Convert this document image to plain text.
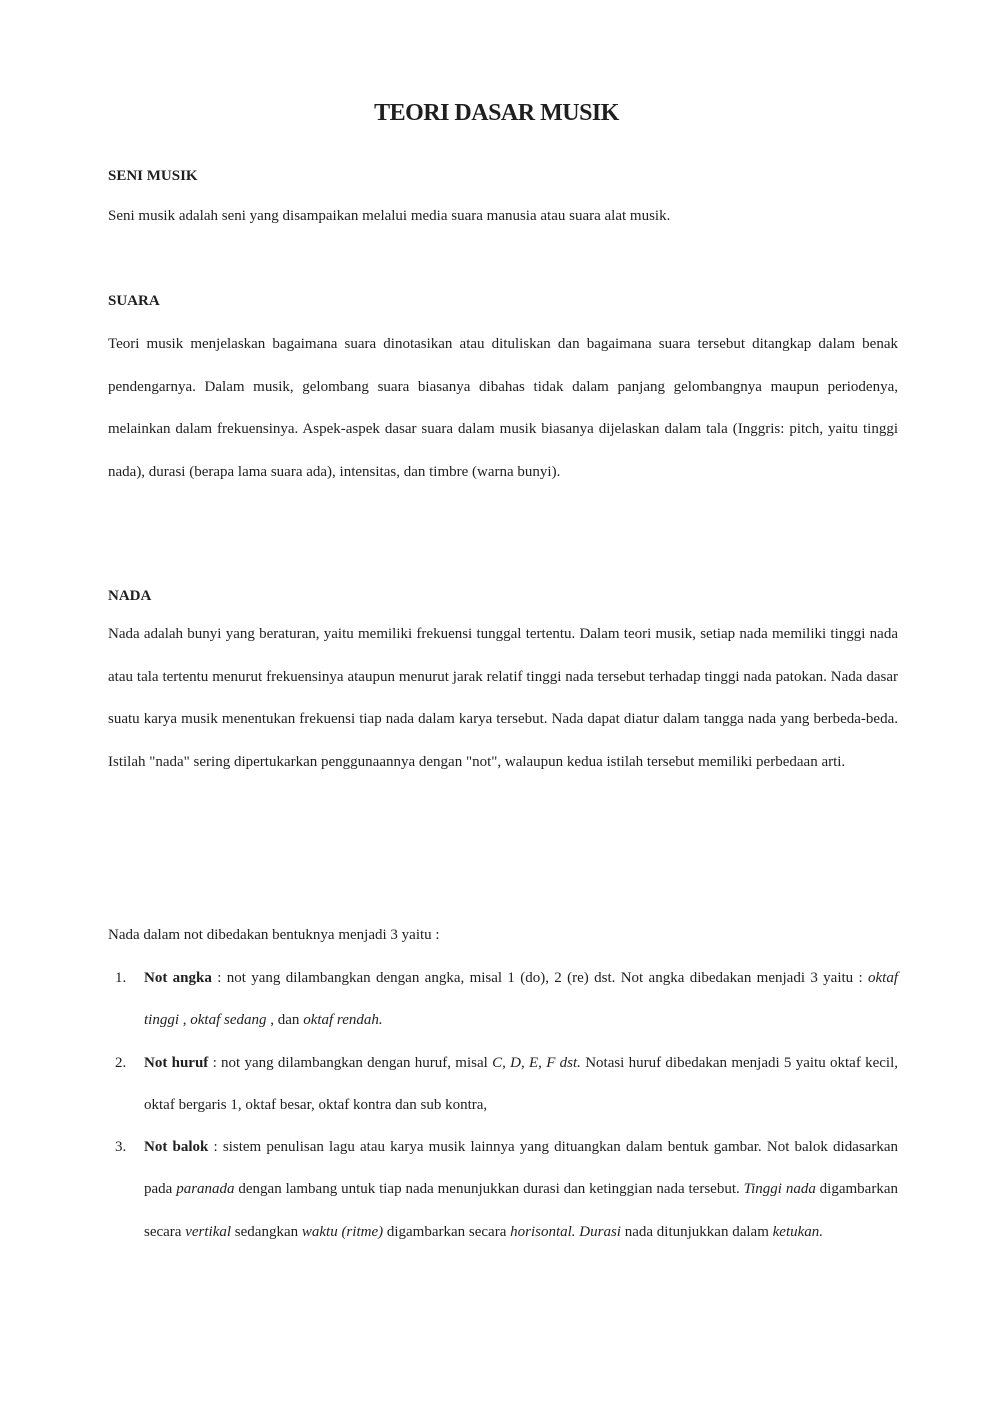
TEORI DASAR MUSIK
SENI MUSIK

Seni musik adalah seni yang disampaikan melalui media suara manusia atau suara alat musik.

SUARA

Teori musik menjelaskan bagaimana suara dinotasikan atau dituliskan dan bagaimana suara tersebut ditangkap dalam benak pendengarnya. Dalam musik, gelombang suara biasanya dibahas tidak dalam panjang gelombangnya maupun periodenya, melainkan dalam frekuensinya. Aspek-aspek dasar suara dalam musik biasanya dijelaskan dalam tala (Inggris: pitch, yaitu tinggi nada), durasi (berapa lama suara ada), intensitas, dan timbre (warna bunyi).

NADA

Nada adalah bunyi yang beraturan, yaitu memiliki frekuensi tunggal tertentu. Dalam teori musik, setiap nada memiliki tinggi nada atau tala tertentu menurut frekuensinya ataupun menurut jarak relatif tinggi nada tersebut terhadap tinggi nada patokan. Nada dasar suatu karya musik menentukan frekuensi tiap nada dalam karya tersebut. Nada dapat diatur dalam tangga nada yang berbeda-beda. Istilah "nada" sering dipertukarkan penggunaannya dengan "not", walaupun kedua istilah tersebut memiliki perbedaan arti.

Nada dalam not dibedakan bentuknya menjadi 3 yaitu :

1. Not angka : not yang dilambangkan dengan angka, misal 1 (do), 2 (re) dst. Not angka dibedakan menjadi 3 yaitu : oktaf tinggi , oktaf sedang , dan oktaf rendah.
2. Not huruf : not yang dilambangkan dengan huruf, misal C, D, E, F dst. Notasi huruf dibedakan menjadi 5 yaitu oktaf kecil, oktaf bergaris 1, oktaf besar, oktaf kontra dan sub kontra,
3. Not balok : sistem penulisan lagu atau karya musik lainnya yang dituangkan dalam bentuk gambar. Not balok didasarkan pada paranada dengan lambang untuk tiap nada menunjukkan durasi dan ketinggian nada tersebut. Tinggi nada digambarkan secara vertikal sedangkan waktu (ritme) digambarkan secara horisontal. Durasi nada ditunjukkan dalam ketukan.
